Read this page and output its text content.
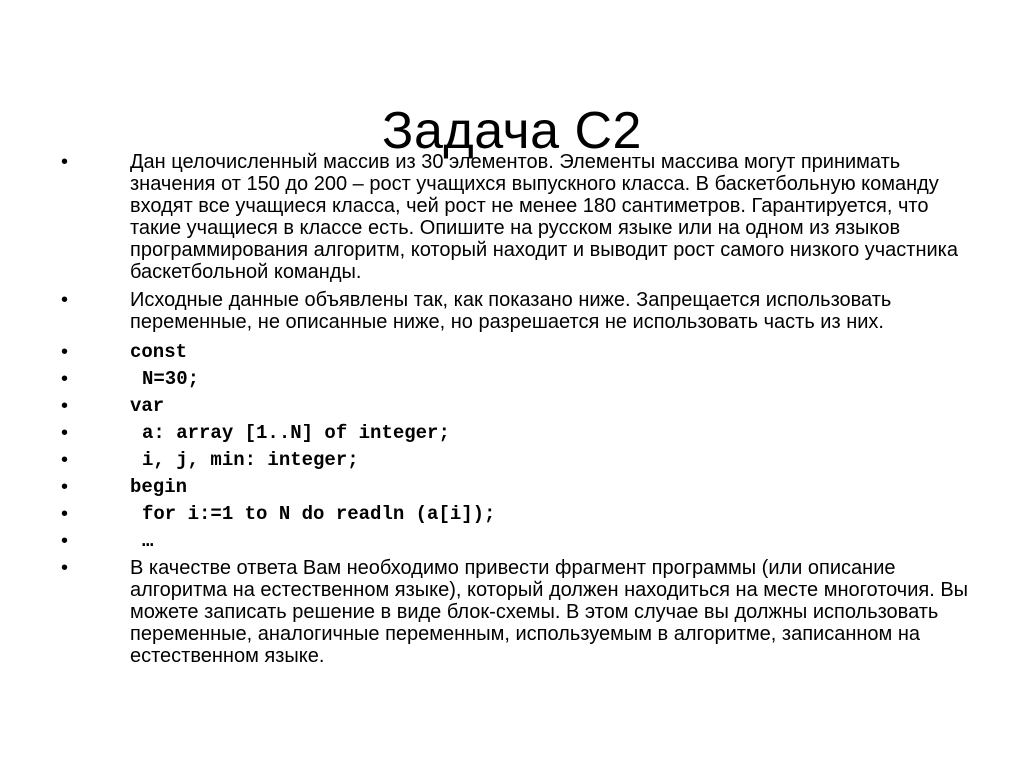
Задача С2
•	Дан целочисленный массив из 30 элементов. Элементы массива могут принимать значения от 150 до 200 – рост учащихся выпускного класса. В баскетбольную команду входят все учащиеся класса, чей рост не менее 180 сантиметров. Гарантируется, что такие учащиеся в классе есть. Опишите на русском языке или на одном из языков программирования алгоритм, который находит и выводит рост самого низкого участника баскетбольной команды.
•	Исходные данные объявлены так, как показано ниже. Запрещается использовать переменные, не описанные ниже, но разрешается не использовать часть из них.
•	const
•	N=30;
•	var
•	a: array [1..N] of integer;
•	i, j, min: integer;
•	begin
•	for i:=1 to N do readln (a[i]);
•	…
•	В качестве ответа Вам необходимо привести фрагмент программы (или описание алгоритма на естественном языке), который должен находиться на месте многоточия. Вы можете записать решение в виде блок-схемы. В этом случае вы должны использовать переменные, аналогичные переменным, используемым в алгоритме, записанном на естественном языке.
